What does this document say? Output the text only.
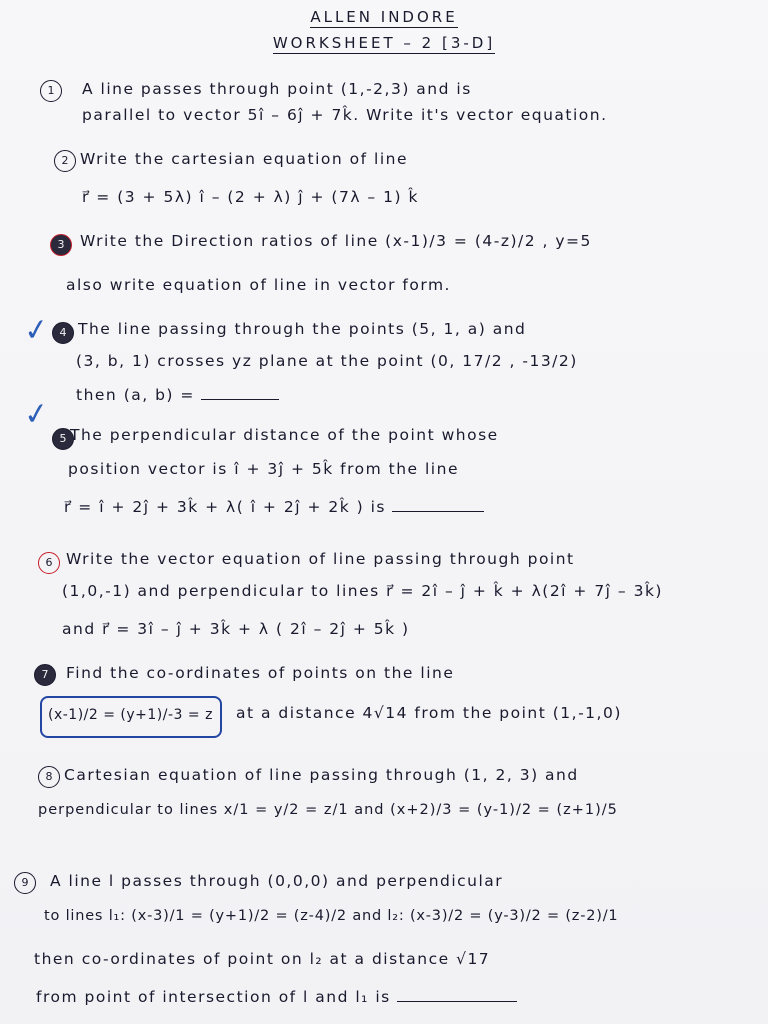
ALLEN INDORE
WORKSHEET – 2 [3-D]
1	A line passes through point (1,-2,3) and is
parallel to vector 5î – 6ĵ + 7k̂. Write it's vector equation.
2 Write the cartesian equation of line
r⃗ = (3 + 5λ) î – (2 + λ) ĵ + (7λ – 1) k̂
3	Write the Direction ratios of line (x-1)/3 = (4-z)/2 , y=5
also write equation of line in vector form.
✓ 4 The line passing through the points (5, 1, a) and
(3, b, 1) crosses yz plane at the point (0, 17/2 , -13/2)
then (a, b) =
✓
5 The perpendicular distance of the point whose
position vector is î + 3ĵ + 5k̂ from the line
r⃗ = î + 2ĵ + 3k̂ + λ( î + 2ĵ + 2k̂ ) is
6 Write the vector equation of line passing through point
(1,0,-1) and perpendicular to lines r⃗ = 2î – ĵ + k̂ + λ(2î + 7ĵ – 3k̂)
and r⃗ = 3î – ĵ + 3k̂ + λ ( 2î – 2ĵ + 5k̂ )
7	Find the co-ordinates of points on the line
(x-1)/2 = (y+1)/-3 = z at a distance 4√14 from the point (1,-1,0)
8 Cartesian equation of line passing through (1, 2, 3) and
perpendicular to lines x/1 = y/2 = z/1 and (x+2)/3 = (y-1)/2 = (z+1)/5
9	A line l passes through (0,0,0) and perpendicular
to lines l₁: (x-3)/1 = (y+1)/2 = (z-4)/2 and l₂: (x-3)/2 = (y-3)/2 = (z-2)/1
then co-ordinates of point on l₂ at a distance √17
from point of intersection of l and l₁ is
